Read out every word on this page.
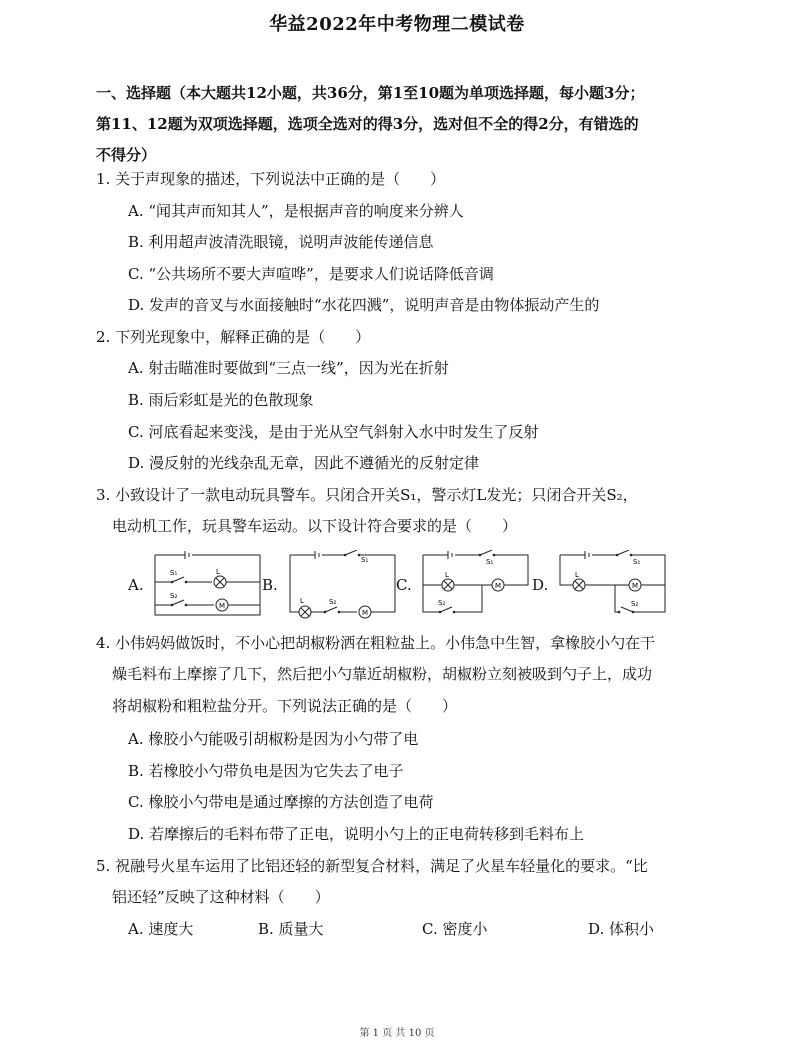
华益2022年中考物理二模试卷
一、选择题（本大题共12小题，共36分，第1至10题为单项选择题，每小题3分；
第11、12题为双项选择题，选项全选对的得3分，选对但不全的得2分，有错选的
不得分）
1. 关于声现象的描述，下列说法中正确的是（　　）
A. “闻其声而知其人”，是根据声音的响度来分辨人
B. 利用超声波清洗眼镜，说明声波能传递信息
C. “公共场所不要大声喧哗”，是要求人们说话降低音调
D. 发声的音叉与水面接触时“水花四溅”，说明声音是由物体振动产生的
2. 下列光现象中，解释正确的是（　　）
A. 射击瞄准时要做到“三点一线”，因为光在折射
B. 雨后彩虹是光的色散现象
C. 河底看起来变浅，是由于光从空气斜射入水中时发生了反射
D. 漫反射的光线杂乱无章，因此不遵循光的反射定律
3. 小致设计了一款电动玩具警车。只闭合开关S₁，警示灯L发光；只闭合开关S₂，
电动机工作，玩具警车运动。以下设计符合要求的是（　　）
A.	B.	C.	D.
S₁	L
S₂
M
S₁
L	S₂
M
S₁
L
S₂
M
S₁
L
S₂
M
4. 小伟妈妈做饭时，不小心把胡椒粉洒在粗粒盐上。小伟急中生智，拿橡胶小勺在干
燥毛料布上摩擦了几下，然后把小勺靠近胡椒粉，胡椒粉立刻被吸到勺子上，成功
将胡椒粉和粗粒盐分开。下列说法正确的是（　　）
A. 橡胶小勺能吸引胡椒粉是因为小勺带了电
B. 若橡胶小勺带负电是因为它失去了电子
C. 橡胶小勺带电是通过摩擦的方法创造了电荷
D. 若摩擦后的毛料布带了正电，说明小勺上的正电荷转移到毛料布上
5. 祝融号火星车运用了比铝还轻的新型复合材料，满足了火星车轻量化的要求。“比
铝还轻”反映了这种材料（　　）
A. 速度大	B. 质量大	C. 密度小	D. 体积小
第 1 页 共 10 页
